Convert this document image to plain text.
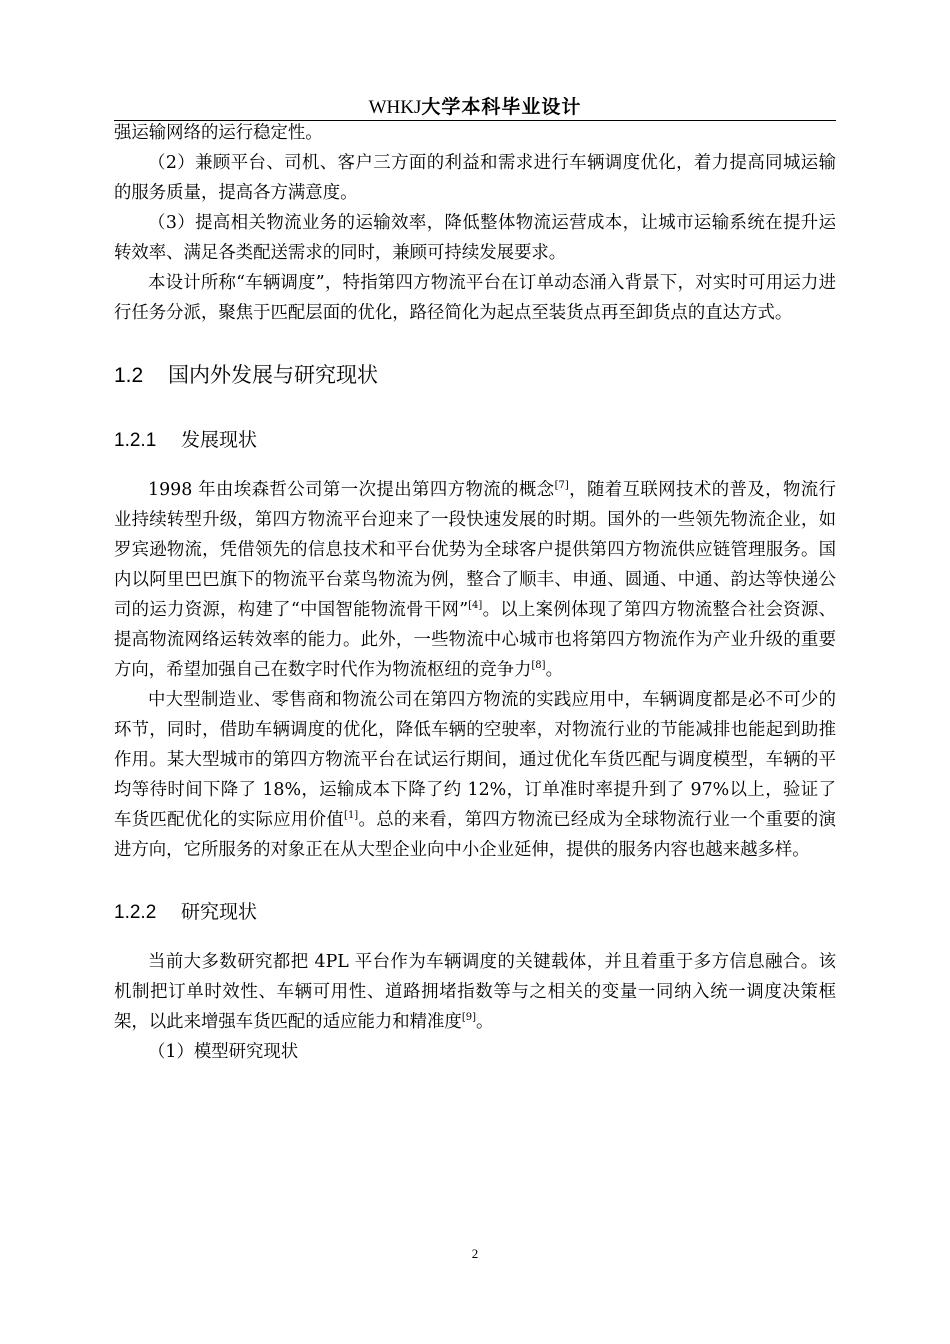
WHKJ大学本科毕业设计

强运输网络的运行稳定性。

（2）兼顾平台、司机、客户三方面的利益和需求进行车辆调度优化，着力提高同城运输的服务质量，提高各方满意度。

（3）提高相关物流业务的运输效率，降低整体物流运营成本，让城市运输系统在提升运转效率、满足各类配送需求的同时，兼顾可持续发展要求。

本设计所称“车辆调度”，特指第四方物流平台在订单动态涌入背景下，对实时可用运力进行任务分派，聚焦于匹配层面的优化，路径简化为起点至装货点再至卸货点的直达方式。

1.2 国内外发展与研究现状
1.2.1 发展现状

1998 年由埃森哲公司第一次提出第四方物流的概念[7]，随着互联网技术的普及，物流行业持续转型升级，第四方物流平台迎来了一段快速发展的时期。国外的一些领先物流企业，如罗宾逊物流，凭借领先的信息技术和平台优势为全球客户提供第四方物流供应链管理服务。国内以阿里巴巴旗下的物流平台菜鸟物流为例，整合了顺丰、申通、圆通、中通、韵达等快递公司的运力资源，构建了“中国智能物流骨干网”[4]。以上案例体现了第四方物流整合社会资源、提高物流网络运转效率的能力。此外，一些物流中心城市也将第四方物流作为产业升级的重要方向，希望加强自己在数字时代作为物流枢纽的竞争力[8]。

中大型制造业、零售商和物流公司在第四方物流的实践应用中，车辆调度都是必不可少的环节，同时，借助车辆调度的优化，降低车辆的空驶率，对物流行业的节能减排也能起到助推作用。某大型城市的第四方物流平台在试运行期间，通过优化车货匹配与调度模型，车辆的平均等待时间下降了 18%，运输成本下降了约 12%，订单准时率提升到了 97%以上，验证了车货匹配优化的实际应用价值[1]。总的来看，第四方物流已经成为全球物流行业一个重要的演进方向，它所服务的对象正在从大型企业向中小企业延伸，提供的服务内容也越来越多样。

1.2.2 研究现状

当前大多数研究都把 4PL 平台作为车辆调度的关键载体，并且着重于多方信息融合。该机制把订单时效性、车辆可用性、道路拥堵指数等与之相关的变量一同纳入统一调度决策框架，以此来增强车货匹配的适应能力和精准度[9]。

（1）模型研究现状

2
